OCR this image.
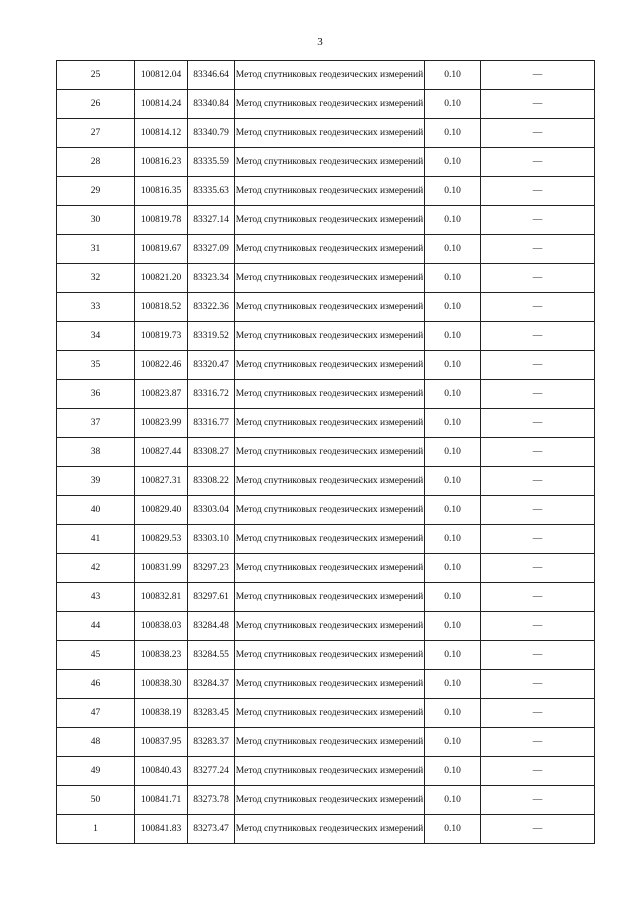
3
25	100812.04	83346.64	Метод спутниковых геодезических измерений	0.10	—
26	100814.24	83340.84	Метод спутниковых геодезических измерений	0.10	—
27	100814.12	83340.79	Метод спутниковых геодезических измерений	0.10	—
28	100816.23	83335.59	Метод спутниковых геодезических измерений	0.10	—
29	100816.35	83335.63	Метод спутниковых геодезических измерений	0.10	—
30	100819.78	83327.14	Метод спутниковых геодезических измерений	0.10	—
31	100819.67	83327.09	Метод спутниковых геодезических измерений	0.10	—
32	100821.20	83323.34	Метод спутниковых геодезических измерений	0.10	—
33	100818.52	83322.36	Метод спутниковых геодезических измерений	0.10	—
34	100819.73	83319.52	Метод спутниковых геодезических измерений	0.10	—
35	100822.46	83320.47	Метод спутниковых геодезических измерений	0.10	—
36	100823.87	83316.72	Метод спутниковых геодезических измерений	0.10	—
37	100823.99	83316.77	Метод спутниковых геодезических измерений	0.10	—
38	100827.44	83308.27	Метод спутниковых геодезических измерений	0.10	—
39	100827.31	83308.22	Метод спутниковых геодезических измерений	0.10	—
40	100829.40	83303.04	Метод спутниковых геодезических измерений	0.10	—
41	100829.53	83303.10	Метод спутниковых геодезических измерений	0.10	—
42	100831.99	83297.23	Метод спутниковых геодезических измерений	0.10	—
43	100832.81	83297.61	Метод спутниковых геодезических измерений	0.10	—
44	100838.03	83284.48	Метод спутниковых геодезических измерений	0.10	—
45	100838.23	83284.55	Метод спутниковых геодезических измерений	0.10	—
46	100838.30	83284.37	Метод спутниковых геодезических измерений	0.10	—
47	100838.19	83283.45	Метод спутниковых геодезических измерений	0.10	—
48	100837.95	83283.37	Метод спутниковых геодезических измерений	0.10	—
49	100840.43	83277.24	Метод спутниковых геодезических измерений	0.10	—
50	100841.71	83273.78	Метод спутниковых геодезических измерений	0.10	—
1	100841.83	83273.47	Метод спутниковых геодезических измерений	0.10	—
